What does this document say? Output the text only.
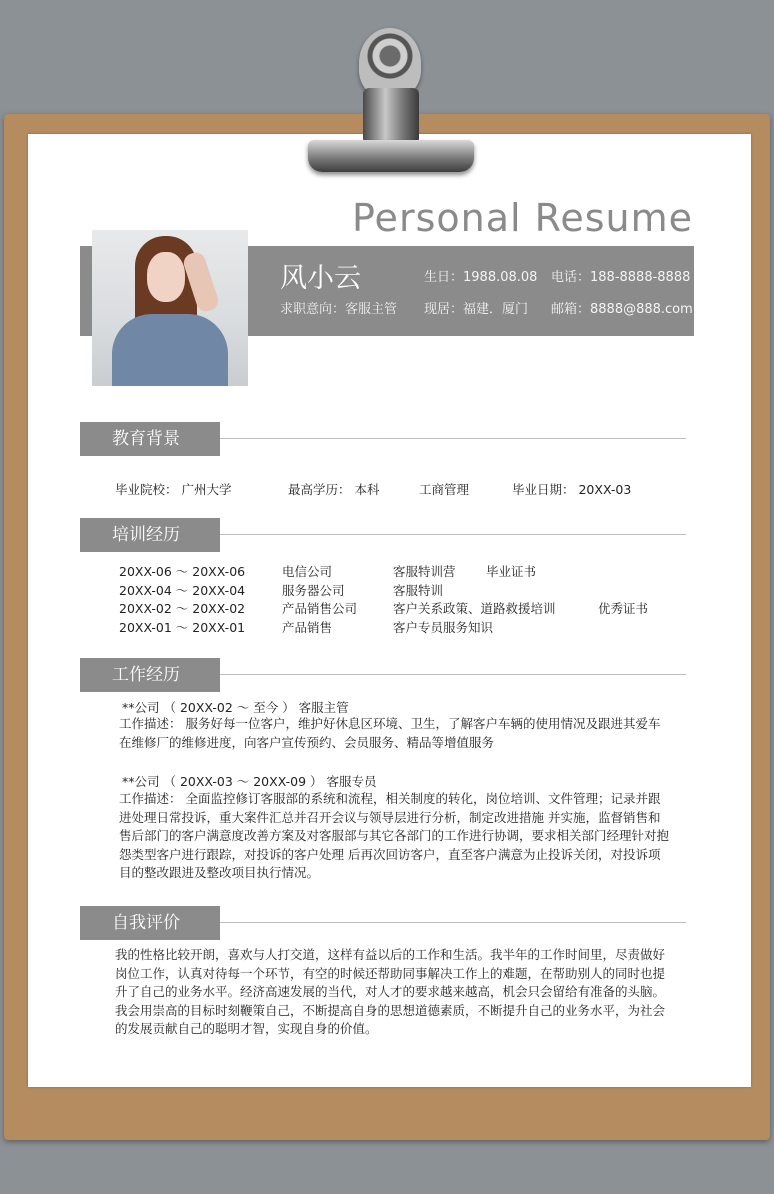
Personal Resume
风小云
求职意向：客服主管
生日：1988.08.08 电话：188-8888-8888
现居：福建．厦门 邮箱：8888@888.com
教育背景
毕业院校： 广州大学	最高学历： 本科	工商管理	毕业日期： 20XX-03
培训经历
20XX-06 ～ 20XX-06	电信公司	客服特训营 毕业证书
20XX-04 ～ 20XX-04	服务器公司	客服特训
20XX-02 ～ 20XX-02	产品销售公司	客户关系政策、道路救援培训	优秀证书
20XX-01 ～ 20XX-01	产品销售	客户专员服务知识
工作经历
**公司 （ 20XX-02 ～ 至今 ） 客服主管
工作描述： 服务好每一位客户，维护好休息区环境、卫生，了解客户车辆的使用情况及跟进其爱车在维修厂的维修进度，向客户宣传预约、会员服务、精品等增值服务
**公司 （ 20XX-03 ～ 20XX-09 ） 客服专员
工作描述： 全面监控修订客服部的系统和流程，相关制度的转化，岗位培训、文件管理；记录并跟进处理日常投诉，重大案件汇总并召开会议与领导层进行分析，制定改进措施 并实施，监督销售和售后部门的客户满意度改善方案及对客服部与其它各部门的工作进行协调，要求相关部门经理针对抱怨类型客户进行跟踪，对投诉的客户处理 后再次回访客户，直至客户满意为止投诉关闭，对投诉项目的整改跟进及整改项目执行情况。
自我评价
我的性格比较开朗，喜欢与人打交道，这样有益以后的工作和生活。我半年的工作时间里，尽责做好岗位工作，认真对待每一个环节，有空的时候还帮助同事解决工作上的难题，在帮助别人的同时也提升了自己的业务水平。经济高速发展的当代，对人才的要求越来越高，机会只会留给有准备的头脑。我会用崇高的目标时刻鞭策自己，不断提高自身的思想道德素质，不断提升自己的业务水平，为社会的发展贡献自己的聪明才智，实现自身的价值。
